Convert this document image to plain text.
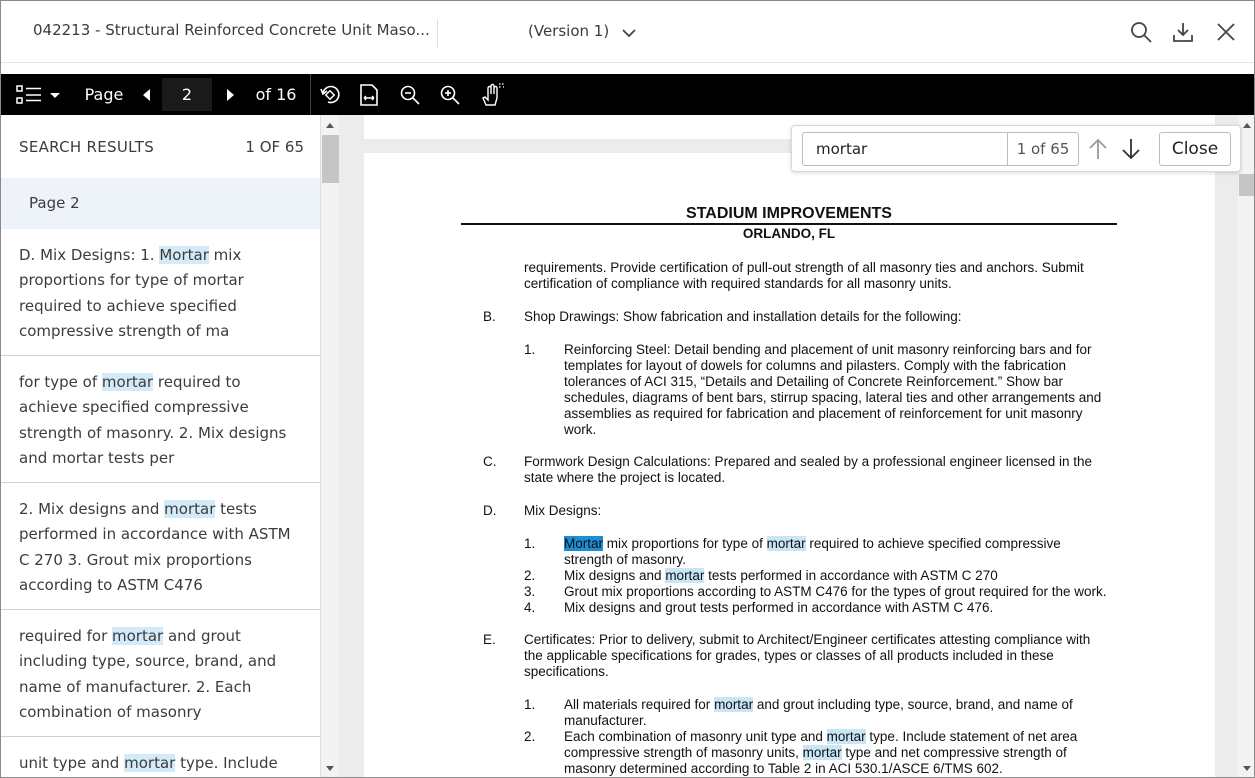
042213 - Structural Reinforced Concrete Unit Maso...	(Version 1)
Page	2	of 16
SEARCH RESULTS	1 OF 65
Page 2
D. Mix Designs: 1. Mortar mix proportions for type of mortar required to achieve specified compressive strength of ma
for type of mortar required to achieve specified compressive strength of masonry. 2. Mix designs and mortar tests per
2. Mix designs and mortar tests performed in accordance with ASTM C 270 3. Grout mix proportions according to ASTM C476
required for mortar and grout including type, source, brand, and name of manufacturer. 2. Each combination of masonry
unit type and mortar type. Include
STADIUM IMPROVEMENTS
ORLANDO, FL
requirements. Provide certification of pull-out strength of all masonry ties and anchors. Submit
certification of compliance with required standards for all masonry units.
B. Shop Drawings: Show fabrication and installation details for the following:
1. Reinforcing Steel: Detail bending and placement of unit masonry reinforcing bars and for
templates for layout of dowels for columns and pilasters. Comply with the fabrication
tolerances of ACI 315, “Details and Detailing of Concrete Reinforcement.” Show bar
schedules, diagrams of bent bars, stirrup spacing, lateral ties and other arrangements and
assemblies as required for fabrication and placement of reinforcement for unit masonry
work.
C. Formwork Design Calculations: Prepared and sealed by a professional engineer licensed in the
state where the project is located.
D. Mix Designs:
1. Mortar mix proportions for type of mortar required to achieve specified compressive
strength of masonry.
2. Mix designs and mortar tests performed in accordance with ASTM C 270
3. Grout mix proportions according to ASTM C476 for the types of grout required for the work.
4. Mix designs and grout tests performed in accordance with ASTM C 476.
E. Certificates: Prior to delivery, submit to Architect/Engineer certificates attesting compliance with
the applicable specifications for grades, types or classes of all products included in these
specifications.
1. All materials required for mortar and grout including type, source, brand, and name of
manufacturer.
2. Each combination of masonry unit type and mortar type. Include statement of net area
compressive strength of masonry units, mortar type and net compressive strength of
masonry determined according to Table 2 in ACI 530.1/ASCE 6/TMS 602.
mortar	1 of 65	Close
